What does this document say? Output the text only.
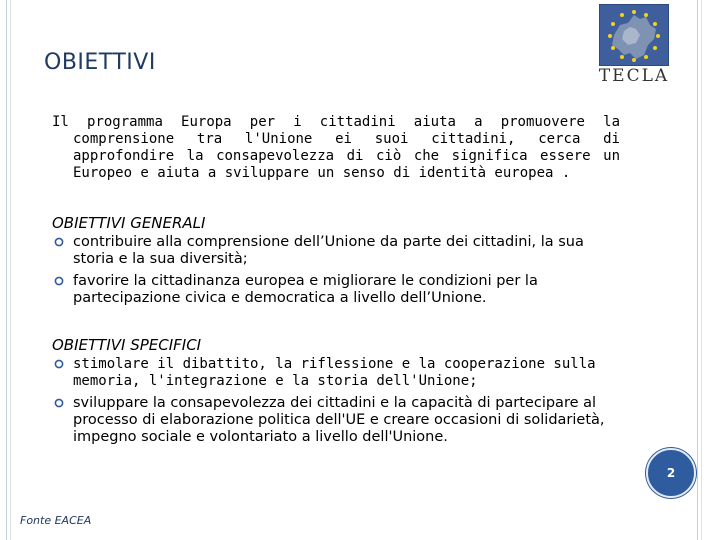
OBIETTIVI
TECLA

Il programma Europa per i cittadini aiuta a promuovere la comprensione tra l'Unione ei suoi cittadini, cerca di approfondire la consapevolezza di ciò che significa essere un Europeo e aiuta a sviluppare un senso di identità europea .

OBIETTIVI GENERALI

contribuire alla comprensione dell’Unione da parte dei cittadini, la sua storia e la sua diversità;
favorire la cittadinanza europea e migliorare le condizioni per la partecipazione civica e democratica a livello dell’Unione.

OBIETTIVI SPECIFICI

stimolare il dibattito, la riflessione e la cooperazione sulla memoria, l'integrazione e la storia dell'Unione;
sviluppare la consapevolezza dei cittadini e la capacità di partecipare al processo di elaborazione politica dell'UE e creare occasioni di solidarietà, impegno sociale e volontariato a livello dell'Unione.
2
Fonte EACEA
